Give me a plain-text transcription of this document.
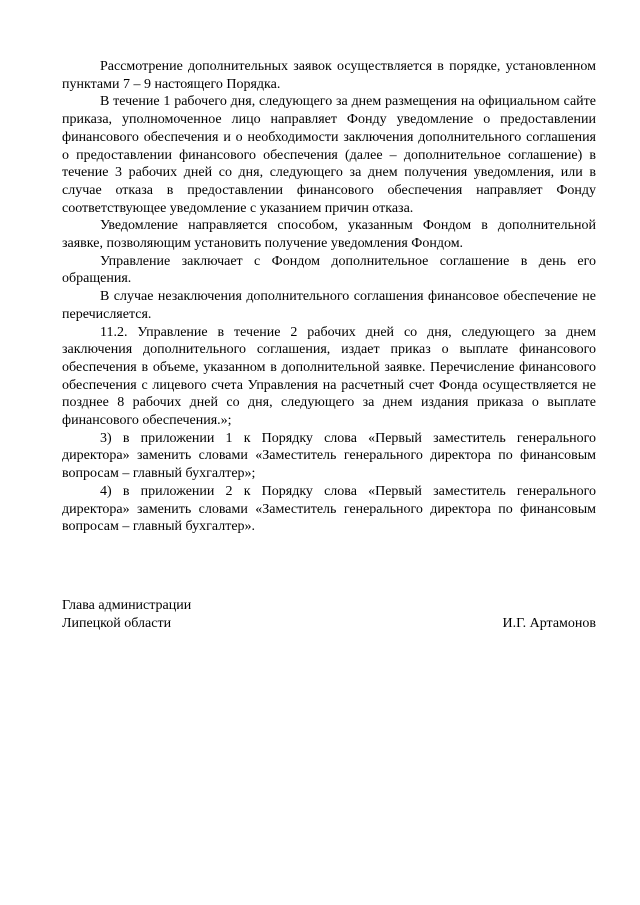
Рассмотрение дополнительных заявок осуществляется в порядке, установленном пунктами 7 – 9 настоящего Порядка.

В течение 1 рабочего дня, следующего за днем размещения на официальном сайте приказа, уполномоченное лицо направляет Фонду уведомление о предоставлении финансового обеспечения и о необходимости заключения дополнительного соглашения о предоставлении финансового обеспечения (далее – дополнительное соглашение) в течение 3 рабочих дней со дня, следующего за днем получения уведомления, или в случае отказа в предоставлении финансового обеспечения направляет Фонду соответствующее уведомление с указанием причин отказа.

Уведомление направляется способом, указанным Фондом в дополнительной заявке, позволяющим установить получение уведомления Фондом.

Управление заключает с Фондом дополнительное соглашение в день его обращения.

В случае незаключения дополнительного соглашения финансовое обеспечение не перечисляется.

11.2. Управление в течение 2 рабочих дней со дня, следующего за днем заключения дополнительного соглашения, издает приказ о выплате финансового обеспечения в объеме, указанном в дополнительной заявке. Перечисление финансового обеспечения с лицевого счета Управления на расчетный счет Фонда осуществляется не позднее 8 рабочих дней со дня, следующего за днем издания приказа о выплате финансового обеспечения.»;

3) в приложении 1 к Порядку слова «Первый заместитель генерального директора» заменить словами «Заместитель генерального директора по финансовым вопросам – главный бухгалтер»;

4) в приложении 2 к Порядку слова «Первый заместитель генерального директора» заменить словами «Заместитель генерального директора по финансовым вопросам – главный бухгалтер».

Глава администрации
Липецкой области	И.Г. Артамонов
